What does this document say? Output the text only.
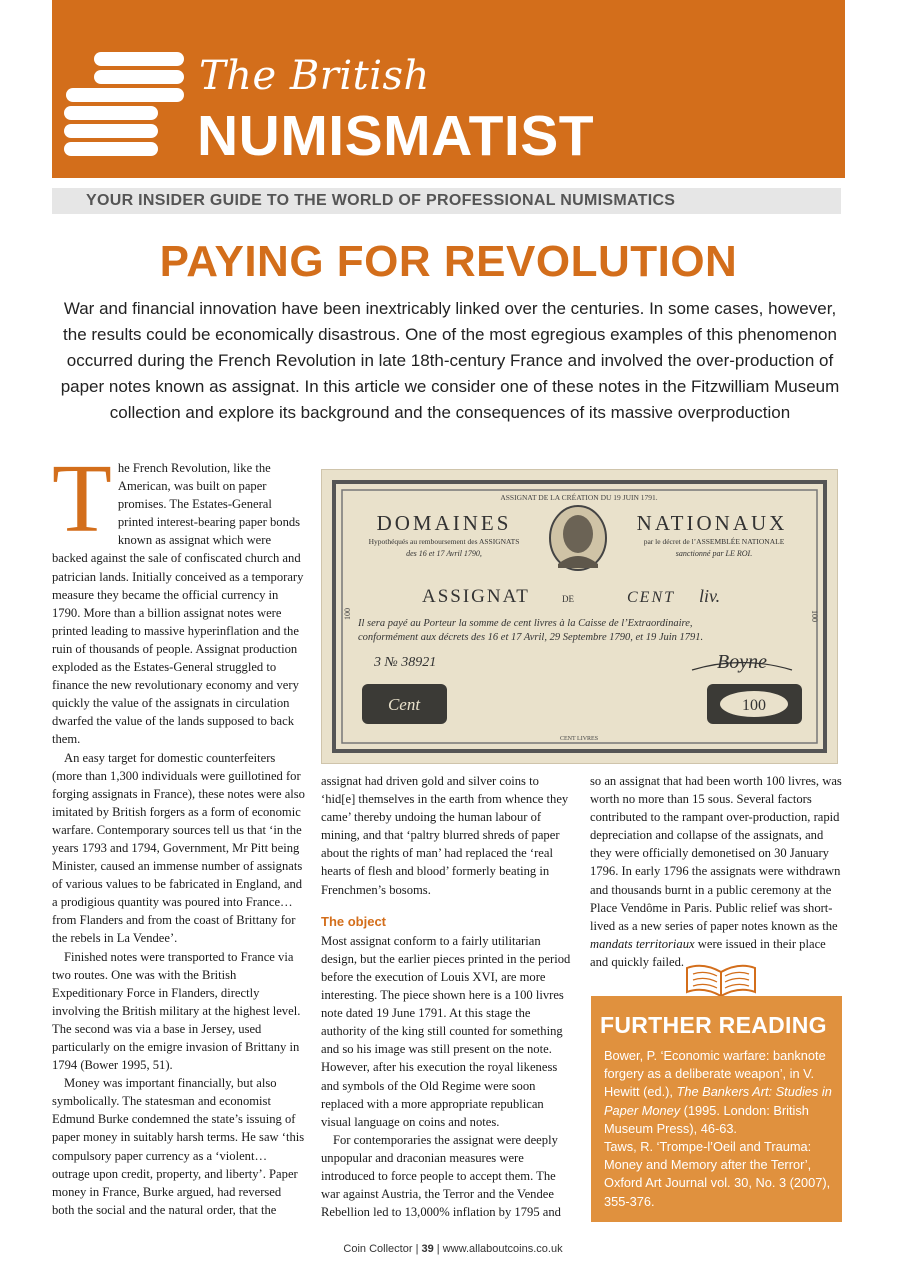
The British
NUMISMATIST
YOUR INSIDER GUIDE TO THE WORLD OF PROFESSIONAL NUMISMATICS
PAYING FOR REVOLUTION
War and financial innovation have been inextricably linked over the centuries. In some cases, however, the results could be economically disastrous. One of the most egregious examples of this phenomenon occurred during the French Revolution in late 18th-century France and involved the over-production of paper notes known as assignat. In this article we consider one of these notes in the Fitzwilliam Museum collection and explore its background and the consequences of its massive overproduction

The French Revolution, like the American, was built on paper promises. The Estates-General printed interest-bearing paper bonds known as assignat which were backed against the sale of confiscated church and patrician lands. Initially conceived as a temporary measure they became the official currency in 1790. More than a billion assignat notes were printed leading to massive hyperinflation and the ruin of thousands of people. Assignat production exploded as the Estates-General struggled to finance the new revolutionary economy and very quickly the value of the assignats in circulation dwarfed the value of the lands supposed to back them.

An easy target for domestic counterfeiters (more than 1,300 individuals were guillotined for forging assignats in France), these notes were also imitated by British forgers as a form of economic warfare. Contemporary sources tell us that ‘in the years 1793 and 1794, Government, Mr Pitt being Minister, caused an immense number of assignats of various values to be fabricated in England, and a prodigious quantity was poured into France… from Flanders and from the coast of Brittany for the rebels in La Vendee’.

Finished notes were transported to France via two routes. One was with the British Expeditionary Force in Flanders, directly involving the British military at the highest level. The second was via a base in Jersey, used particularly on the emigre invasion of Brittany in 1794 (Bower 1995, 51).

Money was important financially, but also symbolically. The statesman and economist Edmund Burke condemned the state’s issuing of paper money in suitably harsh terms. He saw ‘this compulsory paper currency as a ‘violent… outrage upon credit, property, and liberty’. Paper money in France, Burke argued, had reversed both the social and the natural order, that the

ASSIGNAT DE LA CRÉATION DU 19 JUIN 1791.
DOMAINES	NATIONAUX
Hypothéqués au remboursement des ASSIGNATS
des 16 et 17 Avril 1790,
par le décret de l’ASSEMBLÉE NATIONALE
sanctionné par LE ROI.
ASSIGNAT	DE	CENT liv.
Il sera payé au Porteur la somme de cent livres à la Caisse de l’Extraordinaire,
conformément aux décrets des 16 et 17 Avril, 29 Septembre 1790, et 19 Juin 1791.
3 № 38921	Boyne
Cent	100
100	100
CENT LIVRES

assignat had driven gold and silver coins to ‘hid[e] themselves in the earth from whence they came’ thereby undoing the human labour of mining, and that ‘paltry blurred shreds of paper about the rights of man’ had replaced the ‘real hearts of flesh and blood’ formerly beating in Frenchmen’s bosoms.

The object

Most assignat conform to a fairly utilitarian design, but the earlier pieces printed in the period before the execution of Louis XVI, are more interesting. The piece shown here is a 100 livres note dated 19 June 1791. At this stage the authority of the king still counted for something and so his image was still present on the note. However, after his execution the royal likeness and symbols of the Old Regime were soon replaced with a more appropriate republican visual language on coins and notes.

For contemporaries the assignat were deeply unpopular and draconian measures were introduced to force people to accept them. The war against Austria, the Terror and the Vendee Rebellion led to 13,000% inflation by 1795 and

so an assignat that had been worth 100 livres, was worth no more than 15 sous. Several factors contributed to the rampant over-production, rapid depreciation and collapse of the assignats, and they were officially demonetised on 30 January 1796. In early 1796 the assignats were withdrawn and thousands burnt in a public ceremony at the Place Vendôme in Paris. Public relief was short-lived as a new series of paper notes known as the mandats territoriaux were issued in their place and quickly failed.

FURTHER READING

Bower, P. ‘Economic warfare: banknote forgery as a deliberate weapon’, in V. Hewitt (ed.), The Bankers Art: Studies in Paper Money (1995. London: British Museum Press), 46-63.

Taws, R. ‘Trompe-l’Oeil and Trauma: Money and Memory after the Terror’, Oxford Art Journal vol. 30, No. 3 (2007), 355-376.

Coin Collector | 39 | www.allaboutcoins.co.uk
